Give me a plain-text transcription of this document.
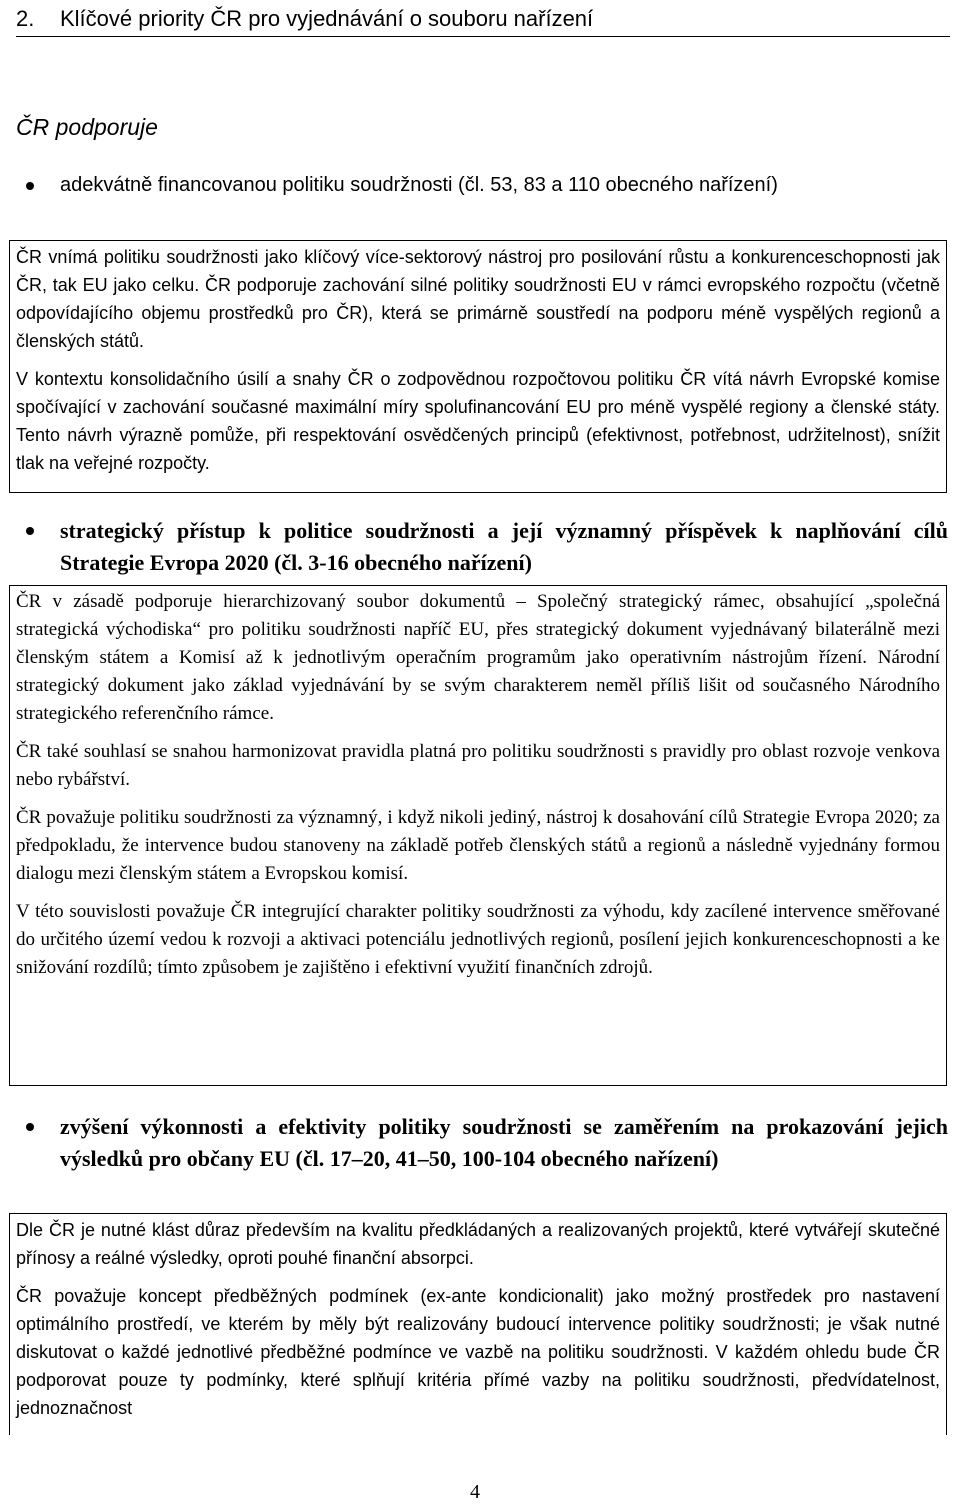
2. Klíčové priority ČR pro vyjednávání o souboru nařízení
ČR podporuje
adekvátně financovanou politiku soudržnosti (čl. 53, 83 a 110 obecného nařízení)

ČR vnímá politiku soudržnosti jako klíčový více-sektorový nástroj pro posilování růstu a konkurenceschopnosti jak ČR, tak EU jako celku. ČR podporuje zachování silné politiky soudržnosti EU v rámci evropského rozpočtu (včetně odpovídajícího objemu prostředků pro ČR), která se primárně soustředí na podporu méně vyspělých regionů a členských států.

V kontextu konsolidačního úsilí a snahy ČR o zodpovědnou rozpočtovou politiku ČR vítá návrh Evropské komise spočívající v zachování současné maximální míry spolufinancování EU pro méně vyspělé regiony a členské státy. Tento návrh výrazně pomůže, při respektování osvědčených principů (efektivnost, potřebnost, udržitelnost), snížit tlak na veřejné rozpočty.

strategický přístup k politice soudržnosti a její významný příspěvek k naplňování cílů Strategie Evropa 2020 (čl. 3-16 obecného nařízení)

ČR v zásadě podporuje hierarchizovaný soubor dokumentů – Společný strategický rámec, obsahující „společná strategická východiska“ pro politiku soudržnosti napříč EU, přes strategický dokument vyjednávaný bilaterálně mezi členským státem a Komisí až k jednotlivým operačním programům jako operativním nástrojům řízení. Národní strategický dokument jako základ vyjednávání by se svým charakterem neměl příliš lišit od současného Národního strategického referenčního rámce.

ČR také souhlasí se snahou harmonizovat pravidla platná pro politiku soudržnosti s pravidly pro oblast rozvoje venkova nebo rybářství.

ČR považuje politiku soudržnosti za významný, i když nikoli jediný, nástroj k dosahování cílů Strategie Evropa 2020; za předpokladu, že intervence budou stanoveny na základě potřeb členských států a regionů a následně vyjednány formou dialogu mezi členským státem a Evropskou komisí.

V této souvislosti považuje ČR integrující charakter politiky soudržnosti za výhodu, kdy zacílené intervence směřované do určitého území vedou k rozvoji a aktivaci potenciálu jednotlivých regionů, posílení jejich konkurenceschopnosti a ke snižování rozdílů; tímto způsobem je zajištěno i efektivní využití finančních zdrojů.

zvýšení výkonnosti a efektivity politiky soudržnosti se zaměřením na prokazování jejich výsledků pro občany EU (čl. 17–20, 41–50, 100-104 obecného nařízení)

Dle ČR je nutné klást důraz především na kvalitu předkládaných a realizovaných projektů, které vytvářejí skutečné přínosy a reálné výsledky, oproti pouhé finanční absorpci.

ČR považuje koncept předběžných podmínek (ex-ante kondicionalit) jako možný prostředek pro nastavení optimálního prostředí, ve kterém by měly být realizovány budoucí intervence politiky soudržnosti; je však nutné diskutovat o každé jednotlivé předběžné podmínce ve vazbě na politiku soudržnosti. V každém ohledu bude ČR podporovat pouze ty podmínky, které splňují kritéria přímé vazby na politiku soudržnosti, předvídatelnost, jednoznačnost

4
